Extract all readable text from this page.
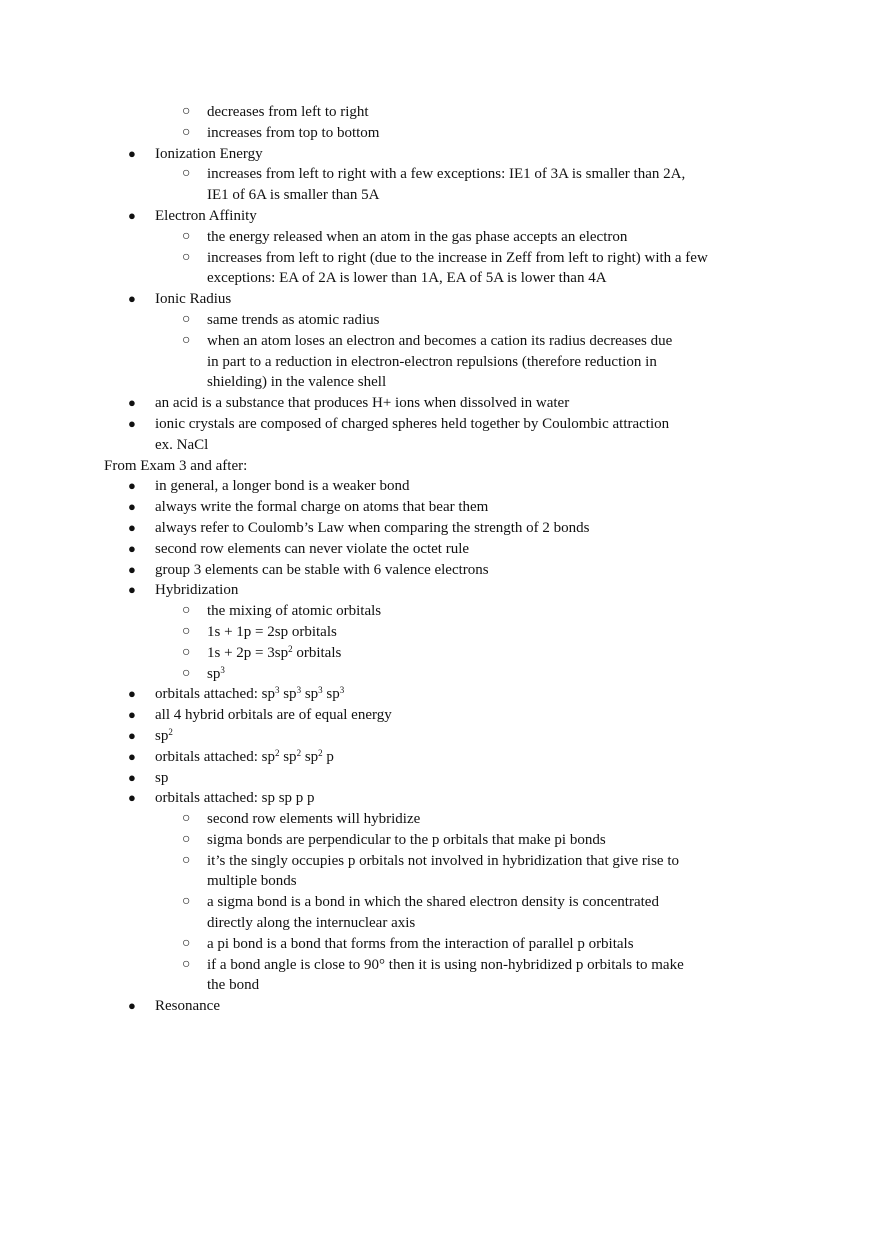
○ decreases from left to right
○ increases from top to bottom
● Ionization Energy
○ increases from left to right with a few exceptions: IE1 of 3A is smaller than 2A,
IE1 of 6A is smaller than 5A
● Electron Affinity
○ the energy released when an atom in the gas phase accepts an electron
○ increases from left to right (due to the increase in Zeff from left to right) with a few
exceptions: EA of 2A is lower than 1A, EA of 5A is lower than 4A
● Ionic Radius
○ same trends as atomic radius
○ when an atom loses an electron and becomes a cation its radius decreases due
in part to a reduction in electron-electron repulsions (therefore reduction in
shielding) in the valence shell
● an acid is a substance that produces H+ ions when dissolved in water
● ionic crystals are composed of charged spheres held together by Coulombic attraction
ex. NaCl
From Exam 3 and after:
● in general, a longer bond is a weaker bond
● always write the formal charge on atoms that bear them
● always refer to Coulomb’s Law when comparing the strength of 2 bonds
● second row elements can never violate the octet rule
● group 3 elements can be stable with 6 valence electrons
● Hybridization
○ the mixing of atomic orbitals
○ 1s + 1p = 2sp orbitals
○ $1s + 2p = 3sp^2$ orbitals
○ $sp^3$
● orbitals attached: $sp^3$ $sp^3$ $sp^3$ $sp^3$
● all 4 hybrid orbitals are of equal energy
● $sp^2$
● orbitals attached: $sp^2$ $sp^2$ $sp^2$ p
● sp
● orbitals attached: sp sp p p
○ second row elements will hybridize
○ sigma bonds are perpendicular to the p orbitals that make pi bonds
○ it’s the singly occupies p orbitals not involved in hybridization that give rise to
multiple bonds
○ a sigma bond is a bond in which the shared electron density is concentrated
directly along the internuclear axis
○ a pi bond is a bond that forms from the interaction of parallel p orbitals
○ if a bond angle is close to 90° then it is using non-hybridized p orbitals to make
the bond
● Resonance
